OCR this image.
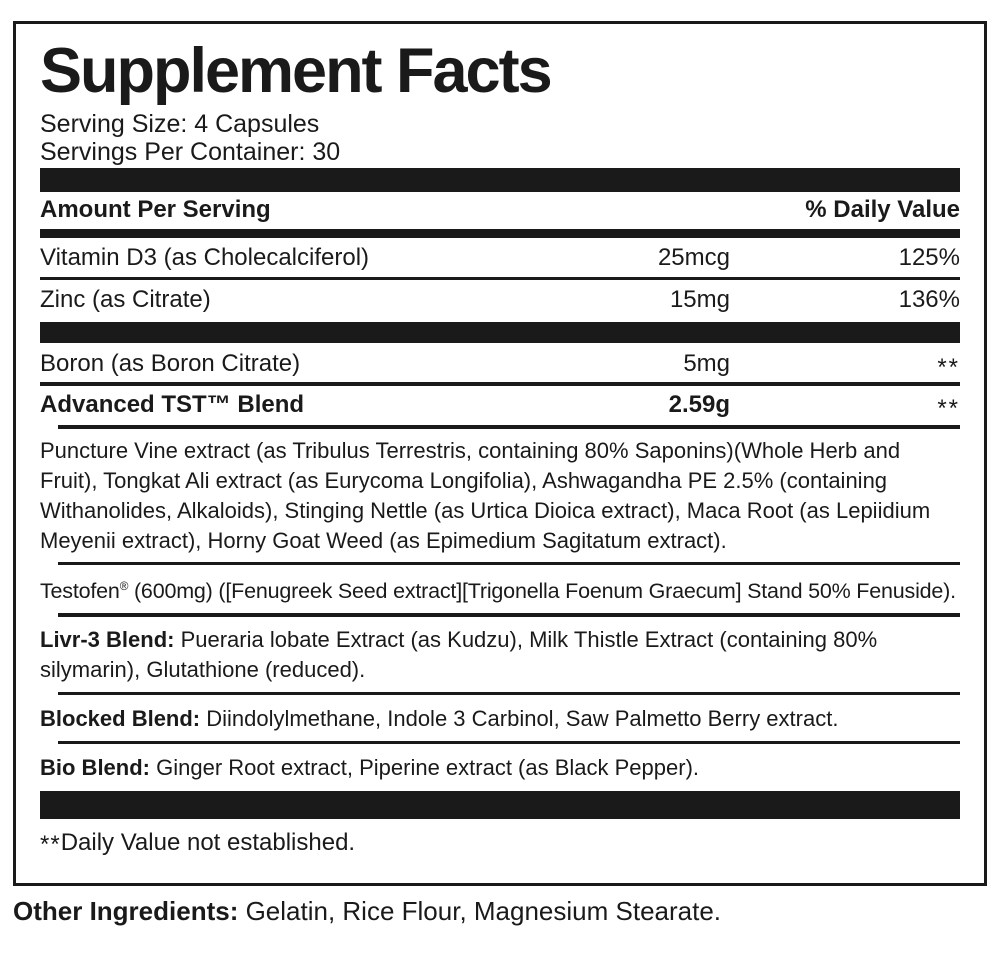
Supplement Facts
Serving Size: 4 Capsules
Servings Per Container: 30
Amount Per Serving	% Daily Value
Vitamin D3 (as Cholecalciferol)	25mcg	125%
Zinc (as Citrate)	15mg	136%
Boron (as Boron Citrate)	5mg	**
Advanced TST™ Blend	2.59g	**
Puncture Vine extract (as Tribulus Terrestris, containing 80% Saponins)(Whole Herb and Fruit), Tongkat Ali extract (as Eurycoma Longifolia), Ashwagandha PE 2.5% (containing Withanolides, Alkaloids), Stinging Nettle (as Urtica Dioica extract), Maca Root (as Lepiidium Meyenii extract), Horny Goat Weed (as Epimedium Sagitatum extract).
Testofen® (600mg) ([Fenugreek Seed extract][Trigonella Foenum Graecum] Stand 50% Fenuside).
Livr-3 Blend: Pueraria lobate Extract (as Kudzu), Milk Thistle Extract (containing 80% silymarin), Glutathione (reduced).
Blocked Blend: Diindolylmethane, Indole 3 Carbinol, Saw Palmetto Berry extract.
Bio Blend: Ginger Root extract, Piperine extract (as Black Pepper).
**Daily Value not established.
Other Ingredients: Gelatin, Rice Flour, Magnesium Stearate.
